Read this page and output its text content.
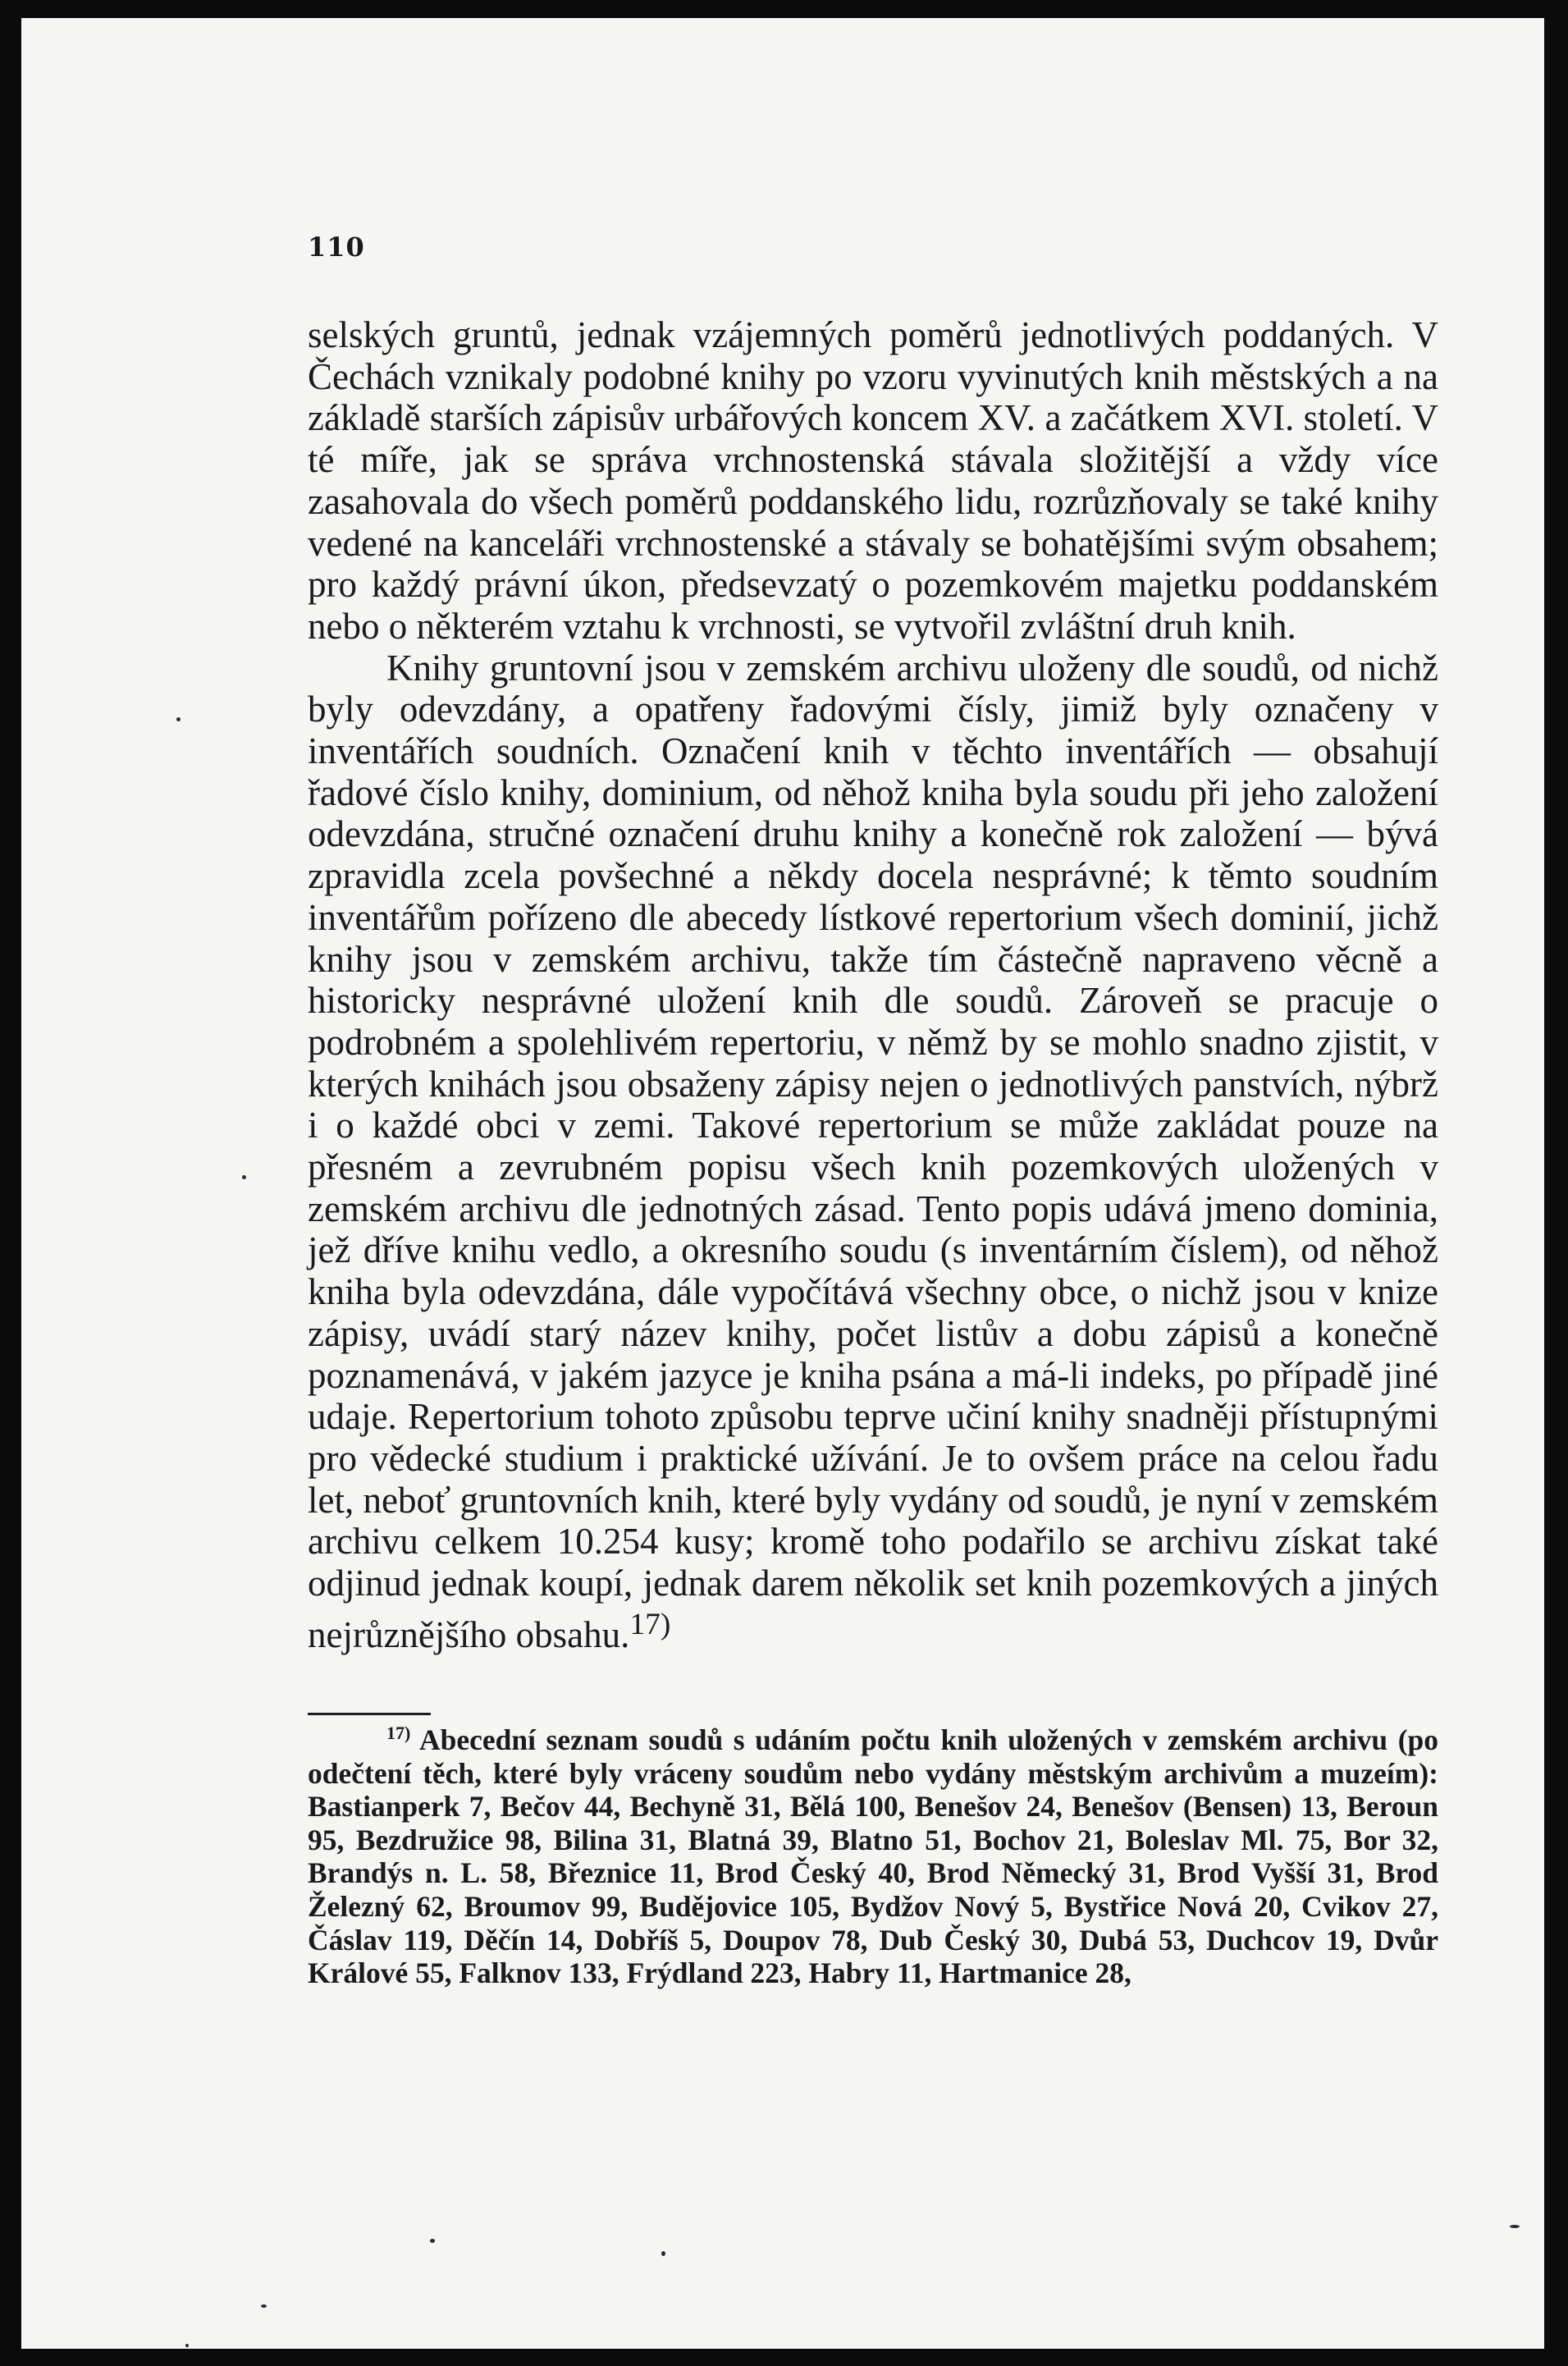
110

selských gruntů, jednak vzájemných poměrů jednotlivých poddaných. V Čechách vznikaly podobné knihy po vzoru vyvinutých knih městských a na základě starších zápisův urbářových koncem XV. a začátkem XVI. století. V té míře, jak se správa vrchnostenská stávala složitější a vždy více zasahovala do všech poměrů poddanského lidu, rozrůzňovaly se také knihy vedené na kanceláři vrchnostenské a stávaly se bohatějšími svým obsahem; pro každý právní úkon, předsevzatý o pozemkovém majetku poddanském nebo o některém vztahu k vrchnosti, se vytvořil zvláštní druh knih.

Knihy gruntovní jsou v zemském archivu uloženy dle soudů, od nichž byly odevzdány, a opatřeny řadovými čísly, jimiž byly označeny v inventářích soudních. Označení knih v těchto inventářích — obsahují řadové číslo knihy, dominium, od něhož kniha byla soudu při jeho založení odevzdána, stručné označení druhu knihy a konečně rok založení — bývá zpravidla zcela povšechné a někdy docela nesprávné; k těmto soudním inventářům pořízeno dle abecedy lístkové repertorium všech dominií, jichž knihy jsou v zemském archivu, takže tím částečně napraveno věcně a historicky nesprávné uložení knih dle soudů. Zároveň se pracuje o podrobném a spolehlivém repertoriu, v němž by se mohlo snadno zjistit, v kterých knihách jsou obsaženy zápisy nejen o jednotlivých panstvích, nýbrž i o každé obci v zemi. Takové repertorium se může zakládat pouze na přesném a zevrubném popisu všech knih pozemkových uložených v zemském archivu dle jednotných zásad. Tento popis udává jmeno dominia, jež dříve knihu vedlo, a okresního soudu (s inventárním číslem), od něhož kniha byla odevzdána, dále vypočítává všechny obce, o nichž jsou v knize zápisy, uvádí starý název knihy, počet listův a dobu zápisů a konečně poznamenává, v jakém jazyce je kniha psána a má-li indeks, po případě jiné udaje. Repertorium tohoto způsobu teprve učiní knihy snadněji přístupnými pro vědecké studium i praktické užívání. Je to ovšem práce na celou řadu let, neboť gruntovních knih, které byly vydány od soudů, je nyní v zemském archivu celkem 10.254 kusy; kromě toho podařilo se archivu získat také odjinud jednak koupí, jednak darem několik set knih pozemkových a jiných nejrůznějšího obsahu.$^{17)}$

$^{17)}$ Abecední seznam soudů s udáním počtu knih uložených v zemském archivu (po odečtení těch, které byly vráceny soudům nebo vydány městským archivům a muzeím): Bastianperk 7, Bečov 44, Bechyně 31, Bělá 100, Benešov 24, Benešov (Bensen) 13, Beroun 95, Bezdružice 98, Bilina 31, Blatná 39, Blatno 51, Bochov 21, Boleslav Ml. 75, Bor 32, Brandýs n. L. 58, Březnice 11, Brod Český 40, Brod Německý 31, Brod Vyšší 31, Brod Železný 62, Broumov 99, Budějovice 105, Bydžov Nový 5, Bystřice Nová 20, Cvikov 27, Čáslav 119, Děčín 14, Dobříš 5, Doupov 78, Dub Český 30, Dubá 53, Duchcov 19, Dvůr Králové 55, Falknov 133, Frýdland 223, Habry 11, Hartmanice 28,
